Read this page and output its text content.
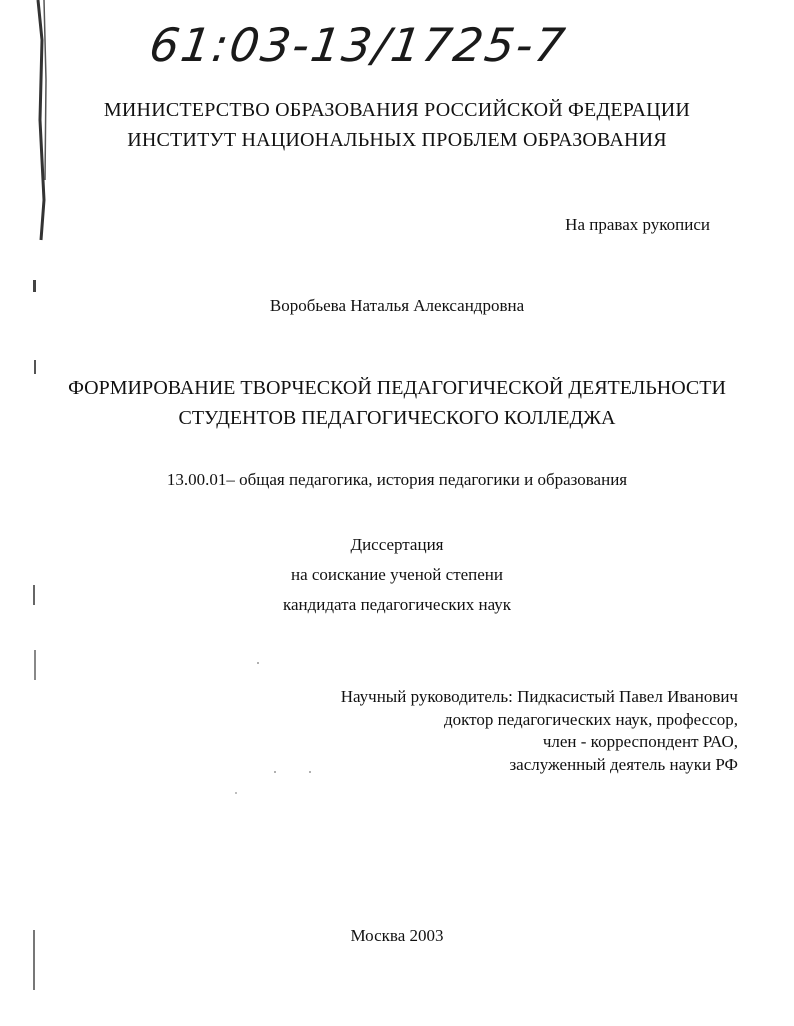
61:03-13/1725-7
МИНИСТЕРСТВО ОБРАЗОВАНИЯ РОССИЙСКОЙ ФЕДЕРАЦИИ
ИНСТИТУТ НАЦИОНАЛЬНЫХ ПРОБЛЕМ ОБРАЗОВАНИЯ
На правах рукописи
Воробьева Наталья Александровна
ФОРМИРОВАНИЕ ТВОРЧЕСКОЙ ПЕДАГОГИЧЕСКОЙ ДЕЯТЕЛЬНОСТИ
СТУДЕНТОВ ПЕДАГОГИЧЕСКОГО КОЛЛЕДЖА
13.00.01– общая педагогика, история педагогики и образования
Диссертация
на соискание ученой степени
кандидата педагогических наук
Научный руководитель: Пидкасистый Павел Иванович
доктор педагогических наук, профессор,
член - корреспондент РАО,
заслуженный деятель науки РФ
Москва 2003
